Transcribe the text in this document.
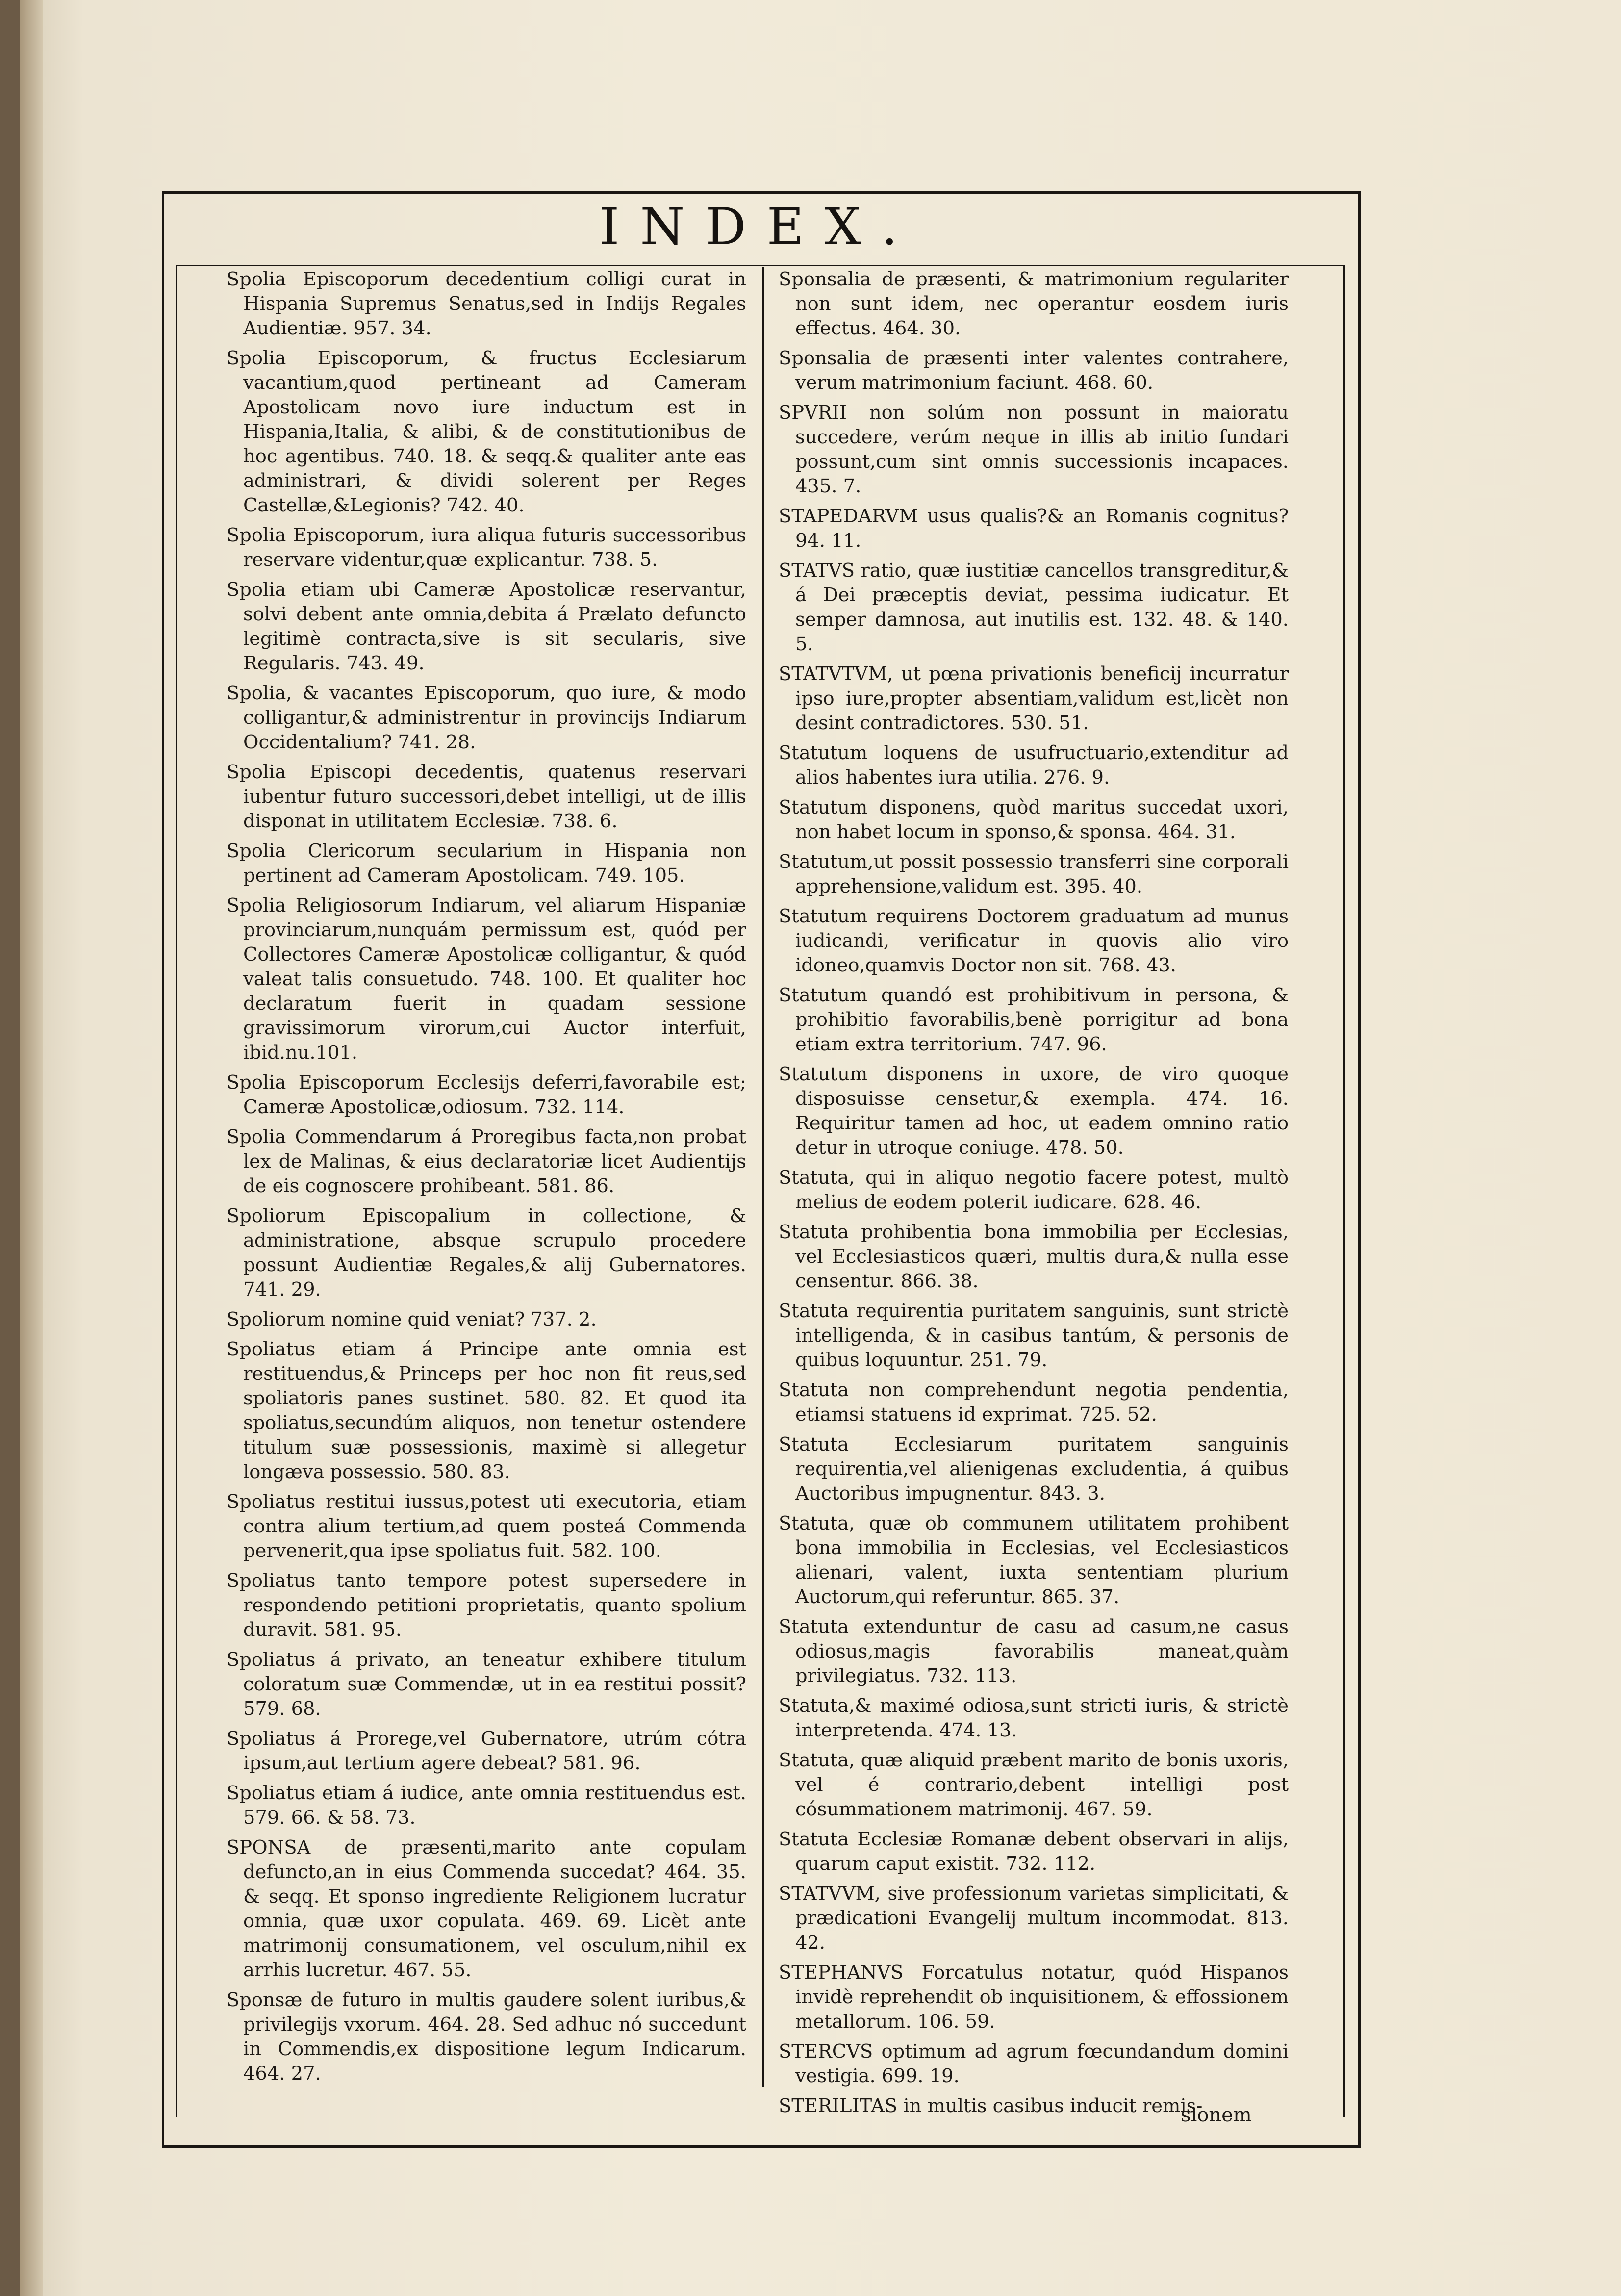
INDEX.
Spolia Episcoporum decedentium colligi curat in Hispania Supremus Senatus,sed in Indijs Regales Audientiæ. 957. 34.
Spolia Episcoporum, & fructus Ecclesiarum vacantium,quod pertineant ad Cameram Apostolicam novo iure inductum est in Hispania,Italia, & alibi, & de constitutionibus de hoc agentibus. 740. 18. & seqq.& qualiter ante eas administrari, & dividi solerent per Reges Castellæ,&Legionis? 742. 40.
Spolia Episcoporum, iura aliqua futuris successoribus reservare videntur,quæ explicantur. 738. 5.
Spolia etiam ubi Cameræ Apostolicæ reservantur, solvi debent ante omnia,debita á Prælato defuncto legitimè contracta,sive is sit secularis, sive Regularis. 743. 49.
Spolia, & vacantes Episcoporum, quo iure, & modo colligantur,& administrentur in provincijs Indiarum Occidentalium? 741. 28.
Spolia Episcopi decedentis, quatenus reservari iubentur futuro successori,debet intelligi, ut de illis disponat in utilitatem Ecclesiæ. 738. 6.
Spolia Clericorum secularium in Hispania non pertinent ad Cameram Apostolicam. 749. 105.
Spolia Religiosorum Indiarum, vel aliarum Hispaniæ provinciarum,nunquám permissum est, quód per Collectores Cameræ Apostolicæ colligantur, & quód valeat talis consuetudo. 748. 100. Et qualiter hoc declaratum fuerit in quadam sessione gravissimorum virorum,cui Auctor interfuit, ibid.nu.101.
Spolia Episcoporum Ecclesijs deferri,favorabile est; Cameræ Apostolicæ,odiosum. 732. 114.
Spolia Commendarum á Proregibus facta,non probat lex de Malinas, & eius declaratoriæ licet Audientijs de eis cognoscere prohibeant. 581. 86.
Spoliorum Episcopalium in collectione, & administratione, absque scrupulo procedere possunt Audientiæ Regales,& alij Gubernatores. 741. 29.
Spoliorum nomine quid veniat? 737. 2.
Spoliatus etiam á Principe ante omnia est restituendus,& Princeps per hoc non fit reus,sed spoliatoris panes sustinet. 580. 82. Et quod ita spoliatus,secundúm aliquos, non tenetur ostendere titulum suæ possessionis, maximè si allegetur longæva possessio. 580. 83.
Spoliatus restitui iussus,potest uti executoria, etiam contra alium tertium,ad quem posteá Commenda pervenerit,qua ipse spoliatus fuit. 582. 100.
Spoliatus tanto tempore potest supersedere in respondendo petitioni proprietatis, quanto spolium duravit. 581. 95.
Spoliatus á privato, an teneatur exhibere titulum coloratum suæ Commendæ, ut in ea restitui possit? 579. 68.
Spoliatus á Prorege,vel Gubernatore, utrúm cótra ipsum,aut tertium agere debeat? 581. 96.
Spoliatus etiam á iudice, ante omnia restituendus est. 579. 66. & 58. 73.
SPONSA de præsenti,marito ante copulam defuncto,an in eius Commenda succedat? 464. 35. & seqq. Et sponso ingrediente Religionem lucratur omnia, quæ uxor copulata. 469. 69. Licèt ante matrimonij consumationem, vel osculum,nihil ex arrhis lucretur. 467. 55.
Sponsæ de futuro in multis gaudere solent iuribus,& privilegijs vxorum. 464. 28. Sed adhuc nó succedunt in Commendis,ex dispositione legum Indicarum. 464. 27.
Sponsalia de præsenti, & matrimonium regulariter non sunt idem, nec operantur eosdem iuris effectus. 464. 30.
Sponsalia de præsenti inter valentes contrahere, verum matrimonium faciunt. 468. 60.
SPVRII non solúm non possunt in maioratu succedere, verúm neque in illis ab initio fundari possunt,cum sint omnis successionis incapaces. 435. 7.
STAPEDARVM usus qualis?& an Romanis cognitus? 94. 11.
STATVS ratio, quæ iustitiæ cancellos transgreditur,& á Dei præceptis deviat, pessima iudicatur. Et semper damnosa, aut inutilis est. 132. 48. & 140. 5.
STATVTVM, ut pœna privationis beneficij incurratur ipso iure,propter absentiam,validum est,licèt non desint contradictores. 530. 51.
Statutum loquens de usufructuario,extenditur ad alios habentes iura utilia. 276. 9.
Statutum disponens, quòd maritus succedat uxori, non habet locum in sponso,& sponsa. 464. 31.
Statutum,ut possit possessio transferri sine corporali apprehensione,validum est. 395. 40.
Statutum requirens Doctorem graduatum ad munus iudicandi, verificatur in quovis alio viro idoneo,quamvis Doctor non sit. 768. 43.
Statutum quandó est prohibitivum in persona, & prohibitio favorabilis,benè porrigitur ad bona etiam extra territorium. 747. 96.
Statutum disponens in uxore, de viro quoque disposuisse censetur,& exempla. 474. 16. Requiritur tamen ad hoc, ut eadem omnino ratio detur in utroque coniuge. 478. 50.
Statuta, qui in aliquo negotio facere potest, multò melius de eodem poterit iudicare. 628. 46.
Statuta prohibentia bona immobilia per Ecclesias, vel Ecclesiasticos quæri, multis dura,& nulla esse censentur. 866. 38.
Statuta requirentia puritatem sanguinis, sunt strictè intelligenda, & in casibus tantúm, & personis de quibus loquuntur. 251. 79.
Statuta non comprehendunt negotia pendentia, etiamsi statuens id exprimat. 725. 52.
Statuta Ecclesiarum puritatem sanguinis requirentia,vel alienigenas excludentia, á quibus Auctoribus impugnentur. 843. 3.
Statuta, quæ ob communem utilitatem prohibent bona immobilia in Ecclesias, vel Ecclesiasticos alienari, valent, iuxta sententiam plurium Auctorum,qui referuntur. 865. 37.
Statuta extenduntur de casu ad casum,ne casus odiosus,magis favorabilis maneat,quàm privilegiatus. 732. 113.
Statuta,& maximé odiosa,sunt stricti iuris, & strictè interpretenda. 474. 13.
Statuta, quæ aliquid præbent marito de bonis uxoris, vel é contrario,debent intelligi post cósummationem matrimonij. 467. 59.
Statuta Ecclesiæ Romanæ debent observari in alijs, quarum caput existit. 732. 112.
STATVVM, sive professionum varietas simplicitati, & prædicationi Evangelij multum incommodat. 813. 42.
STEPHANVS Forcatulus notatur, quód Hispanos invidè reprehendit ob inquisitionem, & effossionem metallorum. 106. 59.
STERCVS optimum ad agrum fœcundandum domini vestigia. 699. 19.
STERILITAS in multis casibus inducit remis-
sionem
